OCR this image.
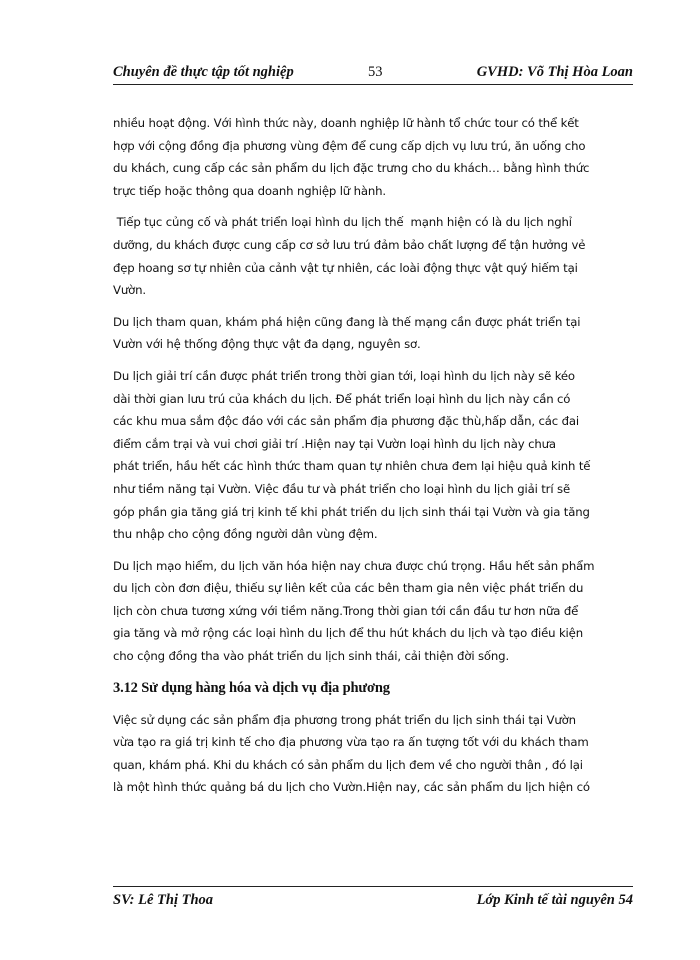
Chuyên đề thực tập tốt nghiệp	53	GVHD: Võ Thị Hòa Loan

nhiều hoạt động. Với hình thức này, doanh nghiệp lữ hành tổ chức tour có thể kết
hợp với cộng đồng địa phương vùng đệm để cung cấp dịch vụ lưu trú, ăn uống cho
du khách, cung cấp các sản phẩm du lịch đặc trưng cho du khách… bằng hình thức
trực tiếp hoặc thông qua doanh nghiệp lữ hành.

Tiếp tục củng cố và phát triển loại hình du lịch thế  mạnh hiện có là du lịch nghỉ
dưỡng, du khách được cung cấp cơ sở lưu trú đảm bảo chất lượng để tận hưởng vẻ
đẹp hoang sơ tự nhiên của cảnh vật tự nhiên, các loài động thực vật quý hiếm tại
Vườn.

Du lịch tham quan, khám phá hiện cũng đang là thế mạng cần được phát triển tại
Vườn với hệ thống động thực vật đa dạng, nguyên sơ.

Du lịch giải trí cần được phát triển trong thời gian tới, loại hình du lịch này sẽ kéo
dài thời gian lưu trú của khách du lịch. Để phát triển loại hình du lịch này cần có
các khu mua sắm độc đáo với các sản phẩm địa phương đặc thù,hấp dẫn, các đai
điểm cắm trại và vui chơi giải trí .Hiện nay tại Vườn loại hình du lịch này chưa
phát triển, hầu hết các hình thức tham quan tự nhiên chưa đem lại hiệu quả kinh tế
như tiềm năng tại Vườn. Việc đầu tư và phát triển cho loại hình du lịch giải trí sẽ
góp phần gia tăng giá trị kinh tế khi phát triển du lịch sinh thái tại Vườn và gia tăng
thu nhập cho cộng đồng người dân vùng đệm.

Du lịch mạo hiểm, du lịch văn hóa hiện nay chưa được chú trọng. Hầu hết sản phẩm
du lịch còn đơn điệu, thiếu sự liên kết của các bên tham gia nên việc phát triển du
lịch còn chưa tương xứng với tiềm năng.Trong thời gian tới cần đầu tư hơn nữa để
gia tăng và mở rộng các loại hình du lịch để thu hút khách du lịch và tạo điều kiện
cho cộng đồng tha vào phát triển du lịch sinh thái, cải thiện đời sống.

3.12 Sử dụng hàng hóa và dịch vụ địa phương

Việc sử dụng các sản phẩm địa phương trong phát triển du lịch sinh thái tại Vườn
vừa tạo ra giá trị kinh tế cho địa phương vừa tạo ra ấn tượng tốt với du khách tham
quan, khám phá. Khi du khách có sản phẩm du lịch đem về cho người thân , đó lại
là một hình thức quảng bá du lịch cho Vườn.Hiện nay, các sản phẩm du lịch hiện có

SV: Lê Thị Thoa	Lớp Kinh tế tài nguyên 54
